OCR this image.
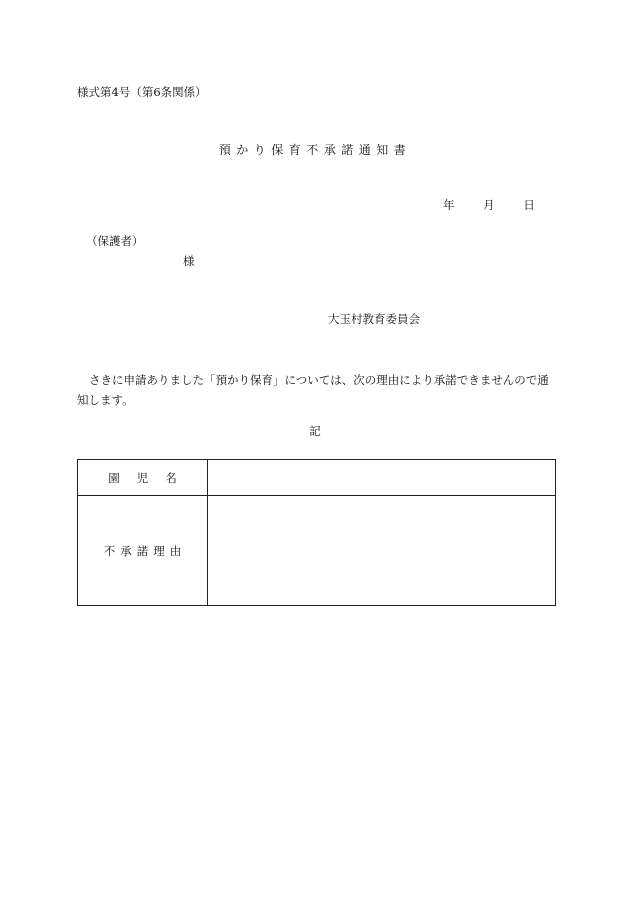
様式第4号（第6条関係）
預かり保育不承諾通知書
年 月 日
（保護者）
様
大玉村教育委員会
さきに申請ありました「預かり保育」については、次の理由により承諾できませんので通知します。
記
園児名	
不承諾理由	
